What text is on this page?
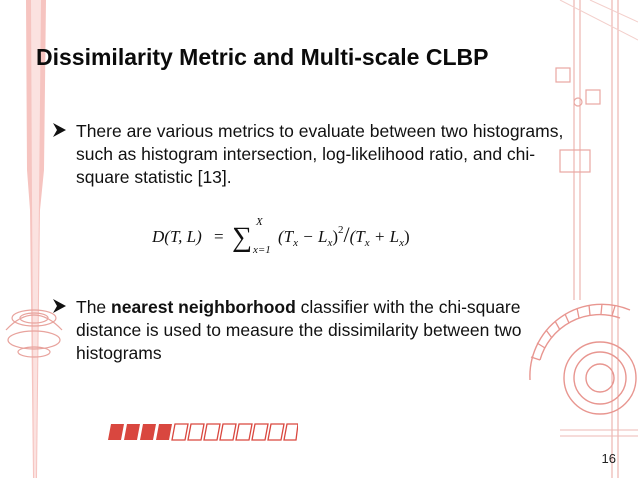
Dissimilarity Metric and Multi-scale CLBP
There are various metrics to evaluate between two histograms, such as histogram intersection, log-likelihood ratio, and chi-square statistic [13].
D(T, L) = ∑ X
x=1
$(T_x - L_x)^2/(T_x + L_x)$
The nearest neighborhood classifier with the chi-square distance is used to measure the dissimilarity between two histograms
16
